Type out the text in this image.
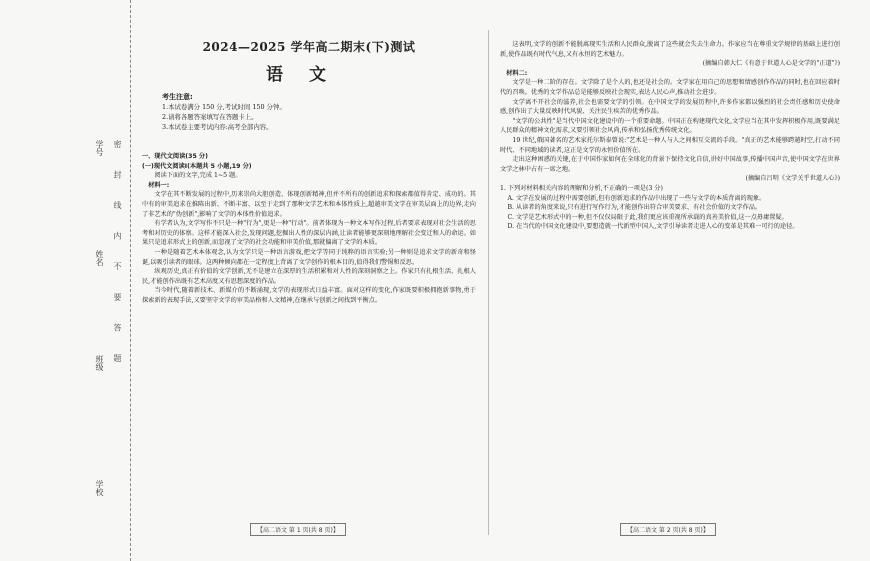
学号
姓名
班级
学校
密 封 线 内 不 要 答 题
2024—2025 学年高二期末(下)测试
语文
考生注意:
1.本试卷满分 150 分,考试时间 150 分钟。
2.请将各题答案填写在答题卡上。
3.本试卷主要考试内容:高考全部内容。

一、现代文阅读(35 分)

(一)现代文阅读Ⅰ(本题共 5 小题,19 分)

阅读下面的文字,完成 1~5 题。

材料一:

文学在其不断发展的过程中,历来崇尚大胆创造、体现创新精神,但并不所有的创新追求和探索都值得肯定、成功的。其中有的审美追求在推陈出新、不断丰富、以至于走到了那种文学艺术和本体性质上,超越审美文学在审美层面上的边界,走向了非艺术的"伪创新",影响了文学的本体性价值追求。

有学者认为,文学写作不只是一种"行为",更是一种"行动"。前者体现为一种文本写作过程,后者要求表现对社会生活的思考和对历史的体察。这样才能深入社会,发现问题,挖掘出人性的深层内涵,让读者能够更深刻地理解社会变迁和人的命运。如果只是追求形式上的创新,而忽视了文学的社会功能和审美价值,那就偏离了文学的本质。

一种是随着艺术本体观念,认为文学只是一种语言游戏,把文学等同于纯粹的语言实验;另一种则是追求文学的新奇和怪诞,以吸引读者的眼球。这两种倾向都在一定程度上背离了文学创作的根本目的,值得我们警惕和反思。

纵观历史,真正有价值的文学创新,无不是建立在深厚的生活积累和对人性的深刻洞察之上。作家只有扎根生活、扎根人民,才能创作出既有艺术高度又有思想深度的作品。

当今时代,随着新技术、新媒介的不断涌现,文学的表现形式日益丰富。面对这样的变化,作家既要积极拥抱新事物,勇于探索新的表现手法,又要坚守文学的审美品格和人文精神,在继承与创新之间找到平衡点。

【高二语文 第 1 页(共 8 页)】

这表明,文学的创新不能脱离现实生活和人民群众,脱离了这些就会失去生命力。作家应当在尊重文学规律的基础上进行创新,使作品既有时代气息,又有永恒的艺术魅力。

(摘编自韩大仁《有意于世道人心是文学的"正道"》)

材料二:

文学是一种二阶的存在。文学除了是个人的,也还是社会的。文学家在用自己的思想和情感创作作品的同时,也在回应着时代的召唤。优秀的文学作品总是能够反映社会现实,表达人民心声,推动社会进步。

文学离不开社会的滋养,社会也需要文学的引领。在中国文学的发展历程中,许多作家都以强烈的社会责任感和历史使命感,创作出了大量反映时代风貌、关注民生疾苦的优秀作品。

"文学的公共性"是当代中国文化建设中的一个重要命题。中国正在构建现代文化,文学应当在其中发挥积极作用,既要满足人民群众的精神文化需求,又要引领社会风尚,传承和弘扬优秀传统文化。

19 世纪,俄国著名的艺术家托尔斯泰曾说:"艺术是一种人与人之间相互交流的手段。"真正的艺术能够跨越时空,打动不同时代、不同地域的读者,这正是文学的永恒价值所在。

走出这种困惑的关键,在于中国作家如何在全球化的背景下保持文化自信,讲好中国故事,传播中国声音,使中国文学在世界文学之林中占有一席之地。

(摘编自吕明《文学关乎世道人心》)

1. 下列对材料相关内容的理解和分析,不正确的一项是(3 分)

A. 文学在发展的过程中需要创新,但有创新追求的作品中出现了一些与文学的本质背离的现象。

B. 从读者的角度来说,只有进行写作行为,才能创作出符合审美要求、有社会价值的文学作品。

C. 文学是艺术形式中的一种,但不仅仅局限于此,我们更应该重视所承载的真善美价值,这一点毋庸置疑。

D. 在当代的中国文化建设中,要想造就一代新型中国人,文学引导读者走进人心的变革是其难一可行的途径。

【高二语文 第 2 页(共 8 页)】
